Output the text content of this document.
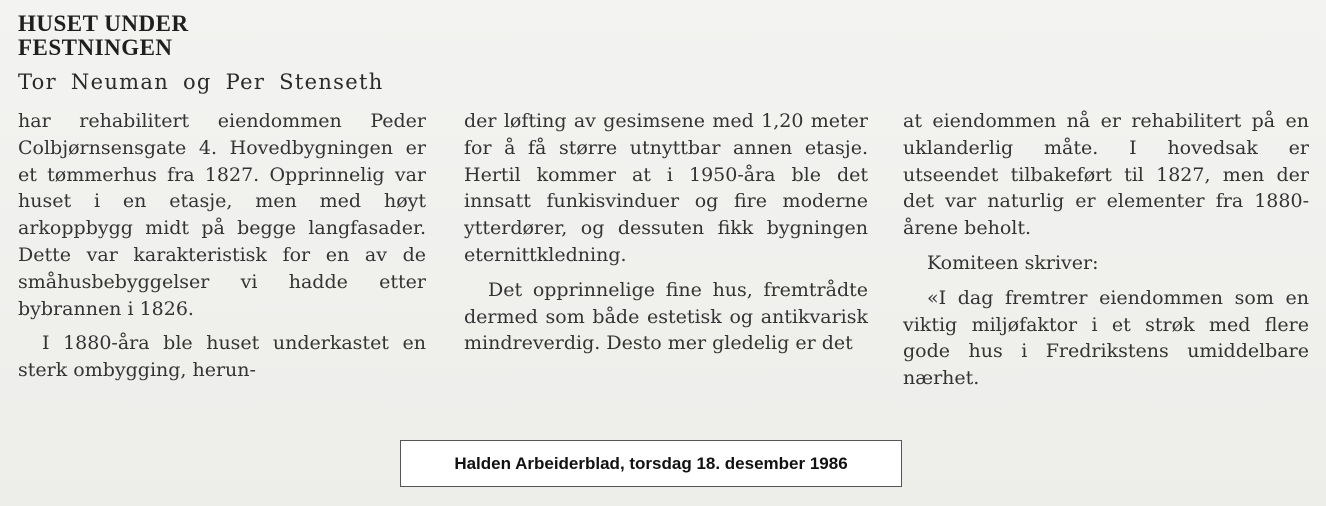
HUSET UNDER
FESTNINGEN

Tor Neuman og Per Stenseth

har rehabilitert eiendommen Peder Colbjørnsensgate 4. Hovedbygningen er et tømmerhus fra 1827. Opprinnelig var huset i en etasje, men med høyt arkoppbygg midt på begge langfasader. Dette var karakteristisk for en av de småhusbebyggelser vi hadde etter bybrannen i 1826.

I 1880-åra ble huset underkastet en sterk ombygging, herun-

der løfting av gesimsene med 1,20 meter for å få større utnyttbar annen etasje. Hertil kommer at i 1950-åra ble det innsatt funkisvinduer og fire moderne ytterdører, og dessuten fikk bygningen eternittkledning.

Det opprinnelige fine hus, fremtrådte dermed som både estetisk og antikvarisk mindreverdig. Desto mer gledelig er det

at eiendommen nå er rehabilitert på en uklanderlig måte. I hovedsak er utseendet tilbakeført til 1827, men der det var naturlig er elementer fra 1880-årene beholt.

Komiteen skriver:

«I dag fremtrer eiendommen som en viktig miljøfaktor i et strøk med flere gode hus i Fredrikstens umiddelbare nærhet.

Halden Arbeiderblad, torsdag 18. desember 1986
